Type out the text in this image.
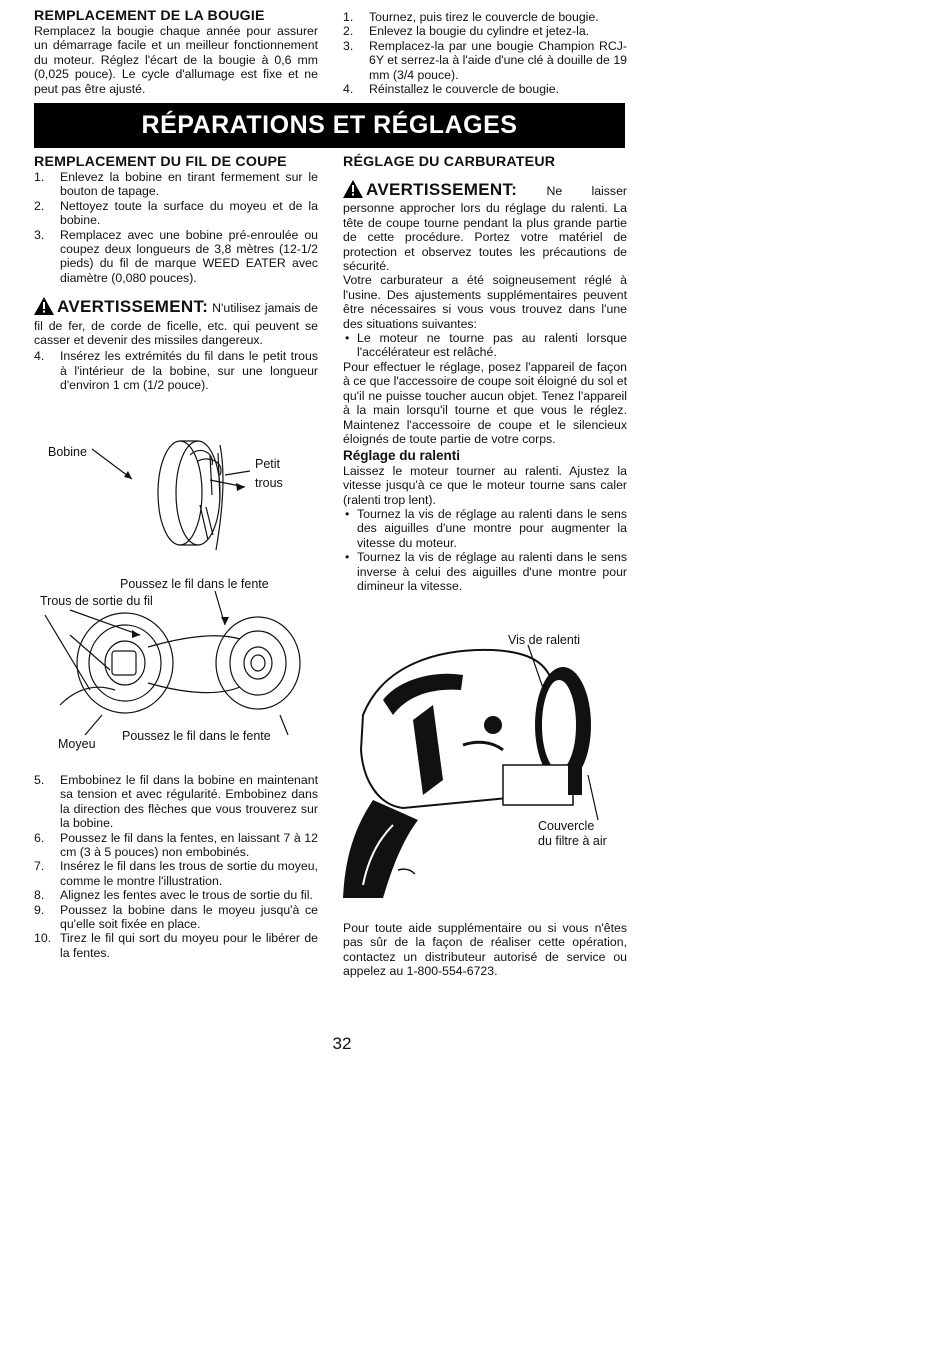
REMPLACEMENT DE LA BOUGIE

Remplacez la bougie chaque année pour assurer un démarrage facile et un meilleur fonctionnement du moteur. Réglez l'écart de la bougie à 0,6 mm (0,025 pouce). Le cycle d'allumage est fixe et ne peut pas être ajusté.

1. Tournez, puis tirez le couvercle de bougie.
2. Enlevez la bougie du cylindre et jetez-la.
3. Remplacez-la par une bougie Champion RCJ-6Y et serrez-la à l'aide d'une clé à douille de 19 mm (3/4 pouce).
4. Réinstallez le couvercle de bougie.
RÉPARATIONS ET RÉGLAGES
REMPLACEMENT DU FIL DE COUPE
1. Enlevez la bobine en tirant fermement sur le bouton de tapage.
2. Nettoyez toute la surface du moyeu et de la bobine.
3. Remplacez avec une bobine pré-enroulée ou coupez deux longueurs de 3,8 mètres (12-1/2 pieds) du fil de marque WEED EATER avec diamètre (0,080 pouces).

AVERTISSEMENT: N'utilisez jamais de fil de fer, de corde de ficelle, etc. qui peuvent se casser et devenir des missiles dangereux.

4. Insérez les extrémités du fil dans le petit trous à l'intérieur de la bobine, sur une longueur d'environ 1 cm (1/2 pouce).
Bobine
Petit
trous
Poussez le fil dans le fente
Trous de sortie du fil
Moyeu
Poussez le fil dans le fente
5. Embobinez le fil dans la bobine en maintenant sa tension et avec régularité. Embobinez dans la direction des flèches que vous trouverez sur la bobine.
6. Poussez le fil dans la fentes, en laissant 7 à 12 cm (3 à 5 pouces) non embobinés.
7. Insérez le fil dans les trous de sortie du moyeu, comme le montre l'illustration.
8. Alignez les fentes avec le trous de sortie du fil.
9. Poussez la bobine dans le moyeu jusqu'à ce qu'elle soit fixée en place.
10. Tirez le fil qui sort du moyeu pour le libérer de la fentes.
RÉGLAGE DU CARBURATEUR

AVERTISSEMENT: Ne laisser personne approcher lors du réglage du ralenti. La tête de coupe tourne pendant la plus grande partie de cette procédure. Portez votre matériel de protection et observez toutes les précautions de sécurité.

Votre carburateur a été soigneusement réglé à l'usine. Des ajustements supplémentaires peuvent être nécessaires si vous vous trouvez dans l'une des situations suivantes:

• Le moteur ne tourne pas au ralenti lorsque l'accélérateur est relâché.

Pour effectuer le réglage, posez l'appareil de façon à ce que l'accessoire de coupe soit éloigné du sol et qu'il ne puisse toucher aucun objet. Tenez l'appareil à la main lorsqu'il tourne et que vous le réglez. Maintenez l'accessoire de coupe et le silencieux éloignés de toute partie de votre corps.

Réglage du ralenti

Laissez le moteur tourner au ralenti. Ajustez la vitesse jusqu'à ce que le moteur tourne sans caler (ralenti trop lent).

• Tournez la vis de réglage au ralenti dans le sens des aiguilles d'une montre pour augmenter la vitesse du moteur.
• Tournez la vis de réglage au ralenti dans le sens inverse à celui des aiguilles d'une montre pour dimineur la vitesse.
Vis de ralenti
Couvercle
du filtre à air

Pour toute aide supplémentaire ou si vous n'êtes pas sûr de la façon de réaliser cette opération, contactez un distributeur autorisé de service ou appelez au 1-800-554-6723.

32
